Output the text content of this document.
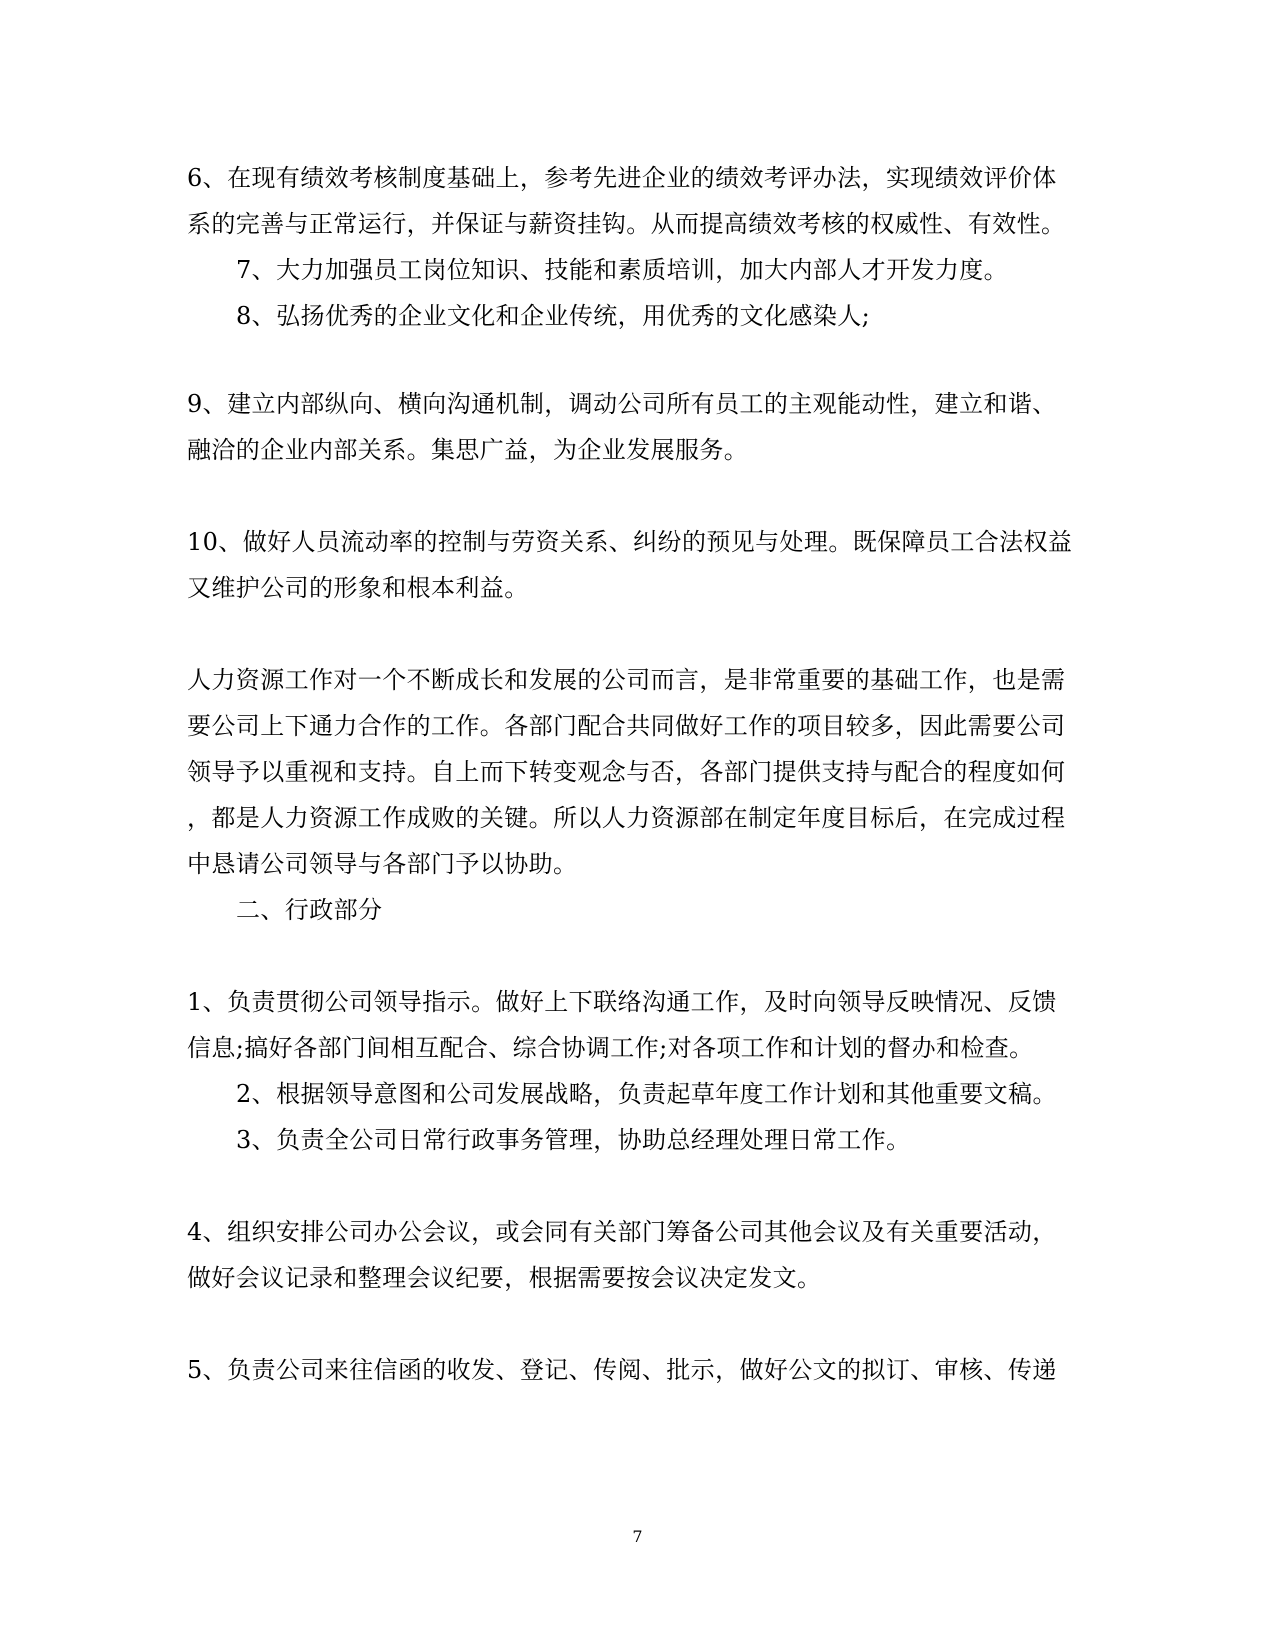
6、在现有绩效考核制度基础上，参考先进企业的绩效考评办法，实现绩效评价体
系的完善与正常运行，并保证与薪资挂钩。从而提高绩效考核的权威性、有效性。
7、大力加强员工岗位知识、技能和素质培训，加大内部人才开发力度。
8、弘扬优秀的企业文化和企业传统，用优秀的文化感染人;
9、建立内部纵向、横向沟通机制，调动公司所有员工的主观能动性，建立和谐、
融洽的企业内部关系。集思广益，为企业发展服务。
10、做好人员流动率的控制与劳资关系、纠纷的预见与处理。既保障员工合法权益
又维护公司的形象和根本利益。
人力资源工作对一个不断成长和发展的公司而言，是非常重要的基础工作，也是需
要公司上下通力合作的工作。各部门配合共同做好工作的项目较多，因此需要公司
领导予以重视和支持。自上而下转变观念与否，各部门提供支持与配合的程度如何
，都是人力资源工作成败的关键。所以人力资源部在制定年度目标后，在完成过程
中恳请公司领导与各部门予以协助。
二、行政部分
1、负责贯彻公司领导指示。做好上下联络沟通工作，及时向领导反映情况、反馈
信息;搞好各部门间相互配合、综合协调工作;对各项工作和计划的督办和检查。
2、根据领导意图和公司发展战略，负责起草年度工作计划和其他重要文稿。
3、负责全公司日常行政事务管理，协助总经理处理日常工作。
4、组织安排公司办公会议，或会同有关部门筹备公司其他会议及有关重要活动，
做好会议记录和整理会议纪要，根据需要按会议决定发文。
5、负责公司来往信函的收发、登记、传阅、批示，做好公文的拟订、审核、传递
7
